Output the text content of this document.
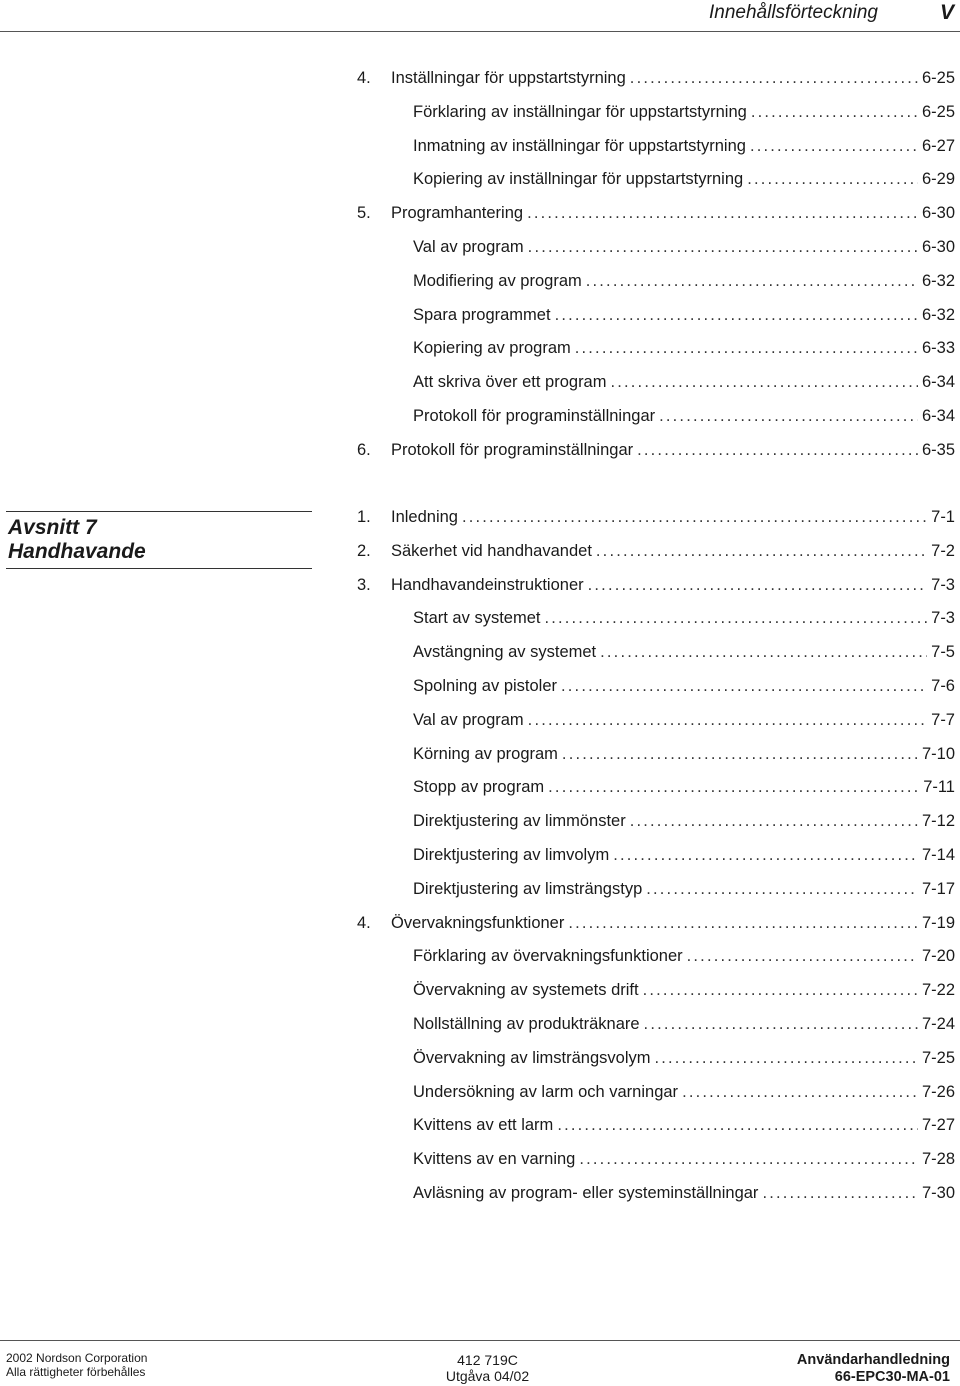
Innehållsförteckning	V
Avsnitt 7
Handhavande
4. Inställningar för uppstartstyrning . . .	6-25
Förklaring av inställningar för uppstartstyrning . . .	6-25
Inmatning av inställningar för uppstartstyrning . . .	6-27
Kopiering av inställningar för uppstartstyrning . . .	6-29
5. Programhantering . . .	6-30
Val av program . . .	6-30
Modifiering av program . . .	6-32
Spara programmet . . .	6-32
Kopiering av program . . .	6-33
Att skriva över ett program . . .	6-34
Protokoll för programinställningar . . .	6-34
6. Protokoll för programinställningar . . .	6-35
1. Inledning . . .	7-1
2. Säkerhet vid handhavandet . . .	7-2
3. Handhavandeinstruktioner . . .	7-3
Start av systemet . . .	7-3
Avstängning av systemet . . .	7-5
Spolning av pistoler . . .	7-6
Val av program . . .	7-7
Körning av program . . .	7-10
Stopp av program . . .	7-11
Direktjustering av limmönster . . .	7-12
Direktjustering av limvolym . . .	7-14
Direktjustering av limsträngstyp . . .	7-17
4. Övervakningsfunktioner . . .	7-19
Förklaring av övervakningsfunktioner . . .	7-20
Övervakning av systemets drift . . .	7-22
Nollställning av produkträknare . . .	7-24
Övervakning av limsträngsvolym . . .	7-25
Undersökning av larm och varningar . . .	7-26
Kvittens av ett larm . . .	7-27
Kvittens av en varning . . .	7-28
Avläsning av program- eller systeminställningar . . .	7-30
2002 Nordson Corporation
Alla rättigheter förbehålles
412 719C
Utgåva 04/02
Användarhandledning
66-EPC30-MA-01
